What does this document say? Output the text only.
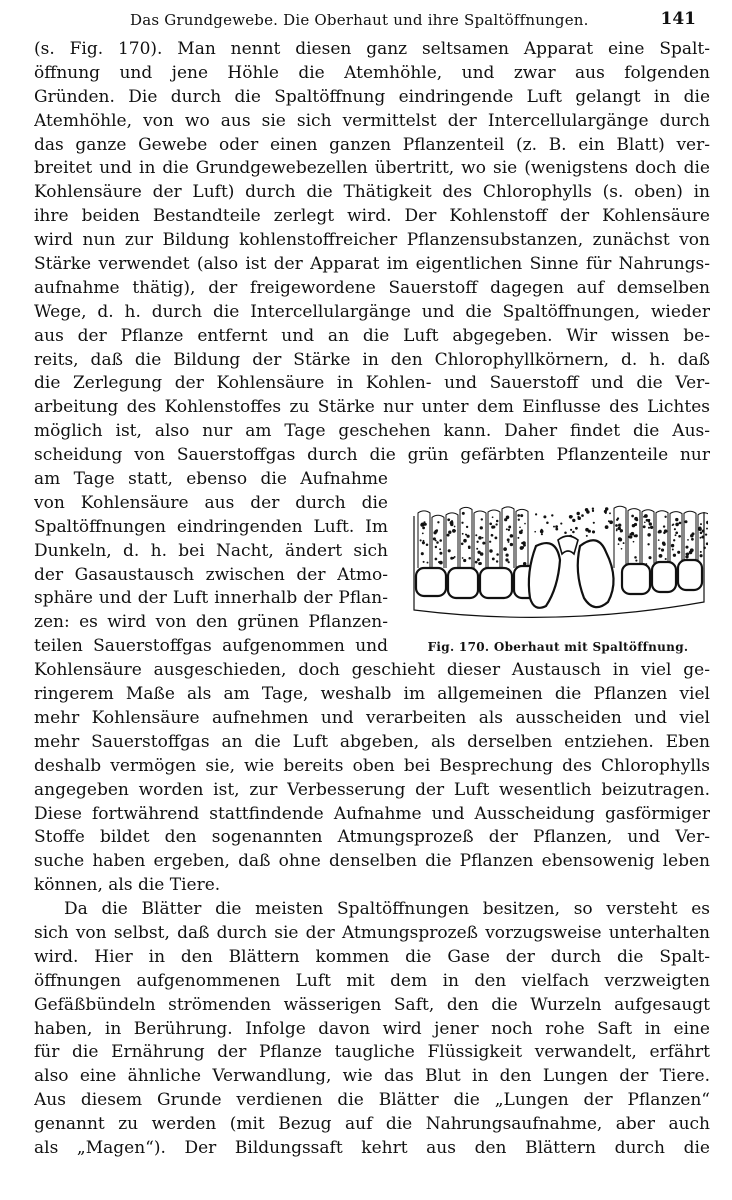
Das Grundgewebe. Die Oberhaut und ihre Spaltöffnungen.	141
(s. Fig. 170). Man nennt diesen ganz seltsamen Apparat eine Spalt-
öffnung und jene Höhle die Atemhöhle, und zwar aus folgenden
Gründen. Die durch die Spaltöffnung eindringende Luft gelangt in die
Atemhöhle, von wo aus sie sich vermittelst der Intercellulargänge durch
das ganze Gewebe oder einen ganzen Pflanzenteil (z. B. ein Blatt) ver-
breitet und in die Grundgewebezellen übertritt, wo sie (wenigstens doch die
Kohlensäure der Luft) durch die Thätigkeit des Chlorophylls (s. oben) in
ihre beiden Bestandteile zerlegt wird. Der Kohlenstoff der Kohlensäure
wird nun zur Bildung kohlenstoffreicher Pflanzensubstanzen, zunächst von
Stärke verwendet (also ist der Apparat im eigentlichen Sinne für Nahrungs-
aufnahme thätig), der freigewordene Sauerstoff dagegen auf demselben
Wege, d. h. durch die Intercellulargänge und die Spaltöffnungen, wieder
aus der Pflanze entfernt und an die Luft abgegeben. Wir wissen be-
reits, daß die Bildung der Stärke in den Chlorophyllkörnern, d. h. daß
die Zerlegung der Kohlensäure in Kohlen- und Sauerstoff und die Ver-
arbeitung des Kohlenstoffes zu Stärke nur unter dem Einflusse des Lichtes
möglich ist, also nur am Tage geschehen kann. Daher findet die Aus-
scheidung von Sauerstoffgas durch die grün gefärbten Pflanzenteile nur
am Tage statt, ebenso die Aufnahme
von Kohlensäure aus der durch die
Spaltöffnungen eindringenden Luft. Im
Dunkeln, d. h. bei Nacht, ändert sich
der Gasaustausch zwischen der Atmo-
sphäre und der Luft innerhalb der Pflan-
zen: es wird von den grünen Pflanzen-
teilen Sauerstoffgas aufgenommen und
Kohlensäure ausgeschieden, doch geschieht dieser Austausch in viel ge-
ringerem Maße als am Tage, weshalb im allgemeinen die Pflanzen viel
mehr Kohlensäure aufnehmen und verarbeiten als ausscheiden und viel
mehr Sauerstoffgas an die Luft abgeben, als derselben entziehen. Eben
deshalb vermögen sie, wie bereits oben bei Besprechung des Chlorophylls
angegeben worden ist, zur Verbesserung der Luft wesentlich beizutragen.
Diese fortwährend stattfindende Aufnahme und Ausscheidung gasförmiger
Stoffe bildet den sogenannten Atmungsprozeß der Pflanzen, und Ver-
suche haben ergeben, daß ohne denselben die Pflanzen ebensowenig leben
können, als die Tiere.
Da die Blätter die meisten Spaltöffnungen besitzen, so versteht es
sich von selbst, daß durch sie der Atmungsprozeß vorzugsweise unterhalten
wird. Hier in den Blättern kommen die Gase der durch die Spalt-
öffnungen aufgenommenen Luft mit dem in den vielfach verzweigten
Gefäßbündeln strömenden wässerigen Saft, den die Wurzeln aufgesaugt
haben, in Berührung. Infolge davon wird jener noch rohe Saft in eine
für die Ernährung der Pflanze taugliche Flüssigkeit verwandelt, erfährt
also eine ähnliche Verwandlung, wie das Blut in den Lungen der Tiere.
Aus diesem Grunde verdienen die Blätter die „Lungen der Pflanzen“
genannt zu werden (mit Bezug auf die Nahrungsaufnahme, aber auch
als „Magen“). Der Bildungssaft kehrt aus den Blättern durch die
Fig. 170. Oberhaut mit Spaltöffnung.
